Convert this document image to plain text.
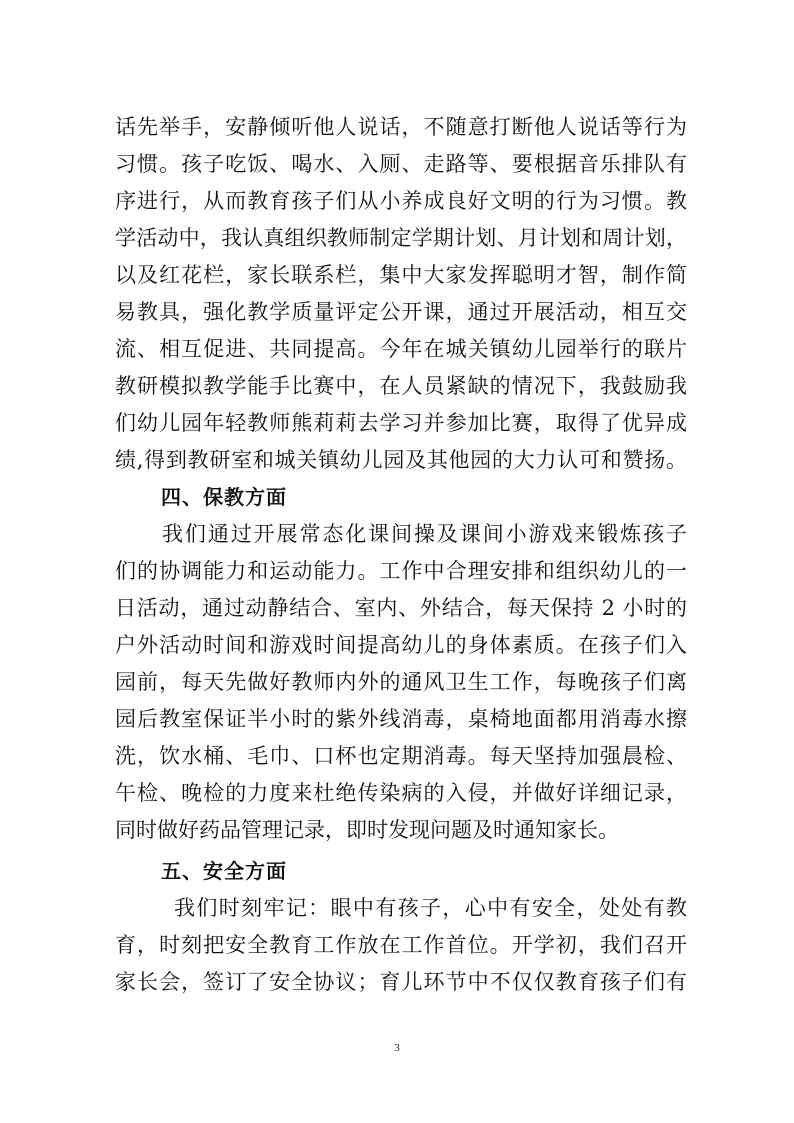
话先举手，安静倾听他人说话，不随意打断他人说话等行为
习惯。孩子吃饭、喝水、入厕、走路等、要根据音乐排队有
序进行，从而教育孩子们从小养成良好文明的行为习惯。教
学活动中，我认真组织教师制定学期计划、月计划和周计划，
以及红花栏，家长联系栏，集中大家发挥聪明才智，制作简
易教具，强化教学质量评定公开课，通过开展活动，相互交
流、相互促进、共同提高。今年在城关镇幼儿园举行的联片
教研模拟教学能手比赛中，在人员紧缺的情况下，我鼓励我
们幼儿园年轻教师熊莉莉去学习并参加比赛，取得了优异成
绩,得到教研室和城关镇幼儿园及其他园的大力认可和赞扬。
四、保教方面
我们通过开展常态化课间操及课间小游戏来锻炼孩子
们的协调能力和运动能力。工作中合理安排和组织幼儿的一
日活动，通过动静结合、室内、外结合，每天保持 2 小时的
户外活动时间和游戏时间提高幼儿的身体素质。在孩子们入
园前，每天先做好教师内外的通风卫生工作，每晚孩子们离
园后教室保证半小时的紫外线消毒，桌椅地面都用消毒水擦
洗，饮水桶、毛巾、口杯也定期消毒。每天坚持加强晨检、
午检、晚检的力度来杜绝传染病的入侵，并做好详细记录，
同时做好药品管理记录，即时发现问题及时通知家长。
五、安全方面
我们时刻牢记：眼中有孩子，心中有安全，处处有教
育，时刻把安全教育工作放在工作首位。开学初，我们召开
家长会，签订了安全协议；育儿环节中不仅仅教育孩子们有
3
